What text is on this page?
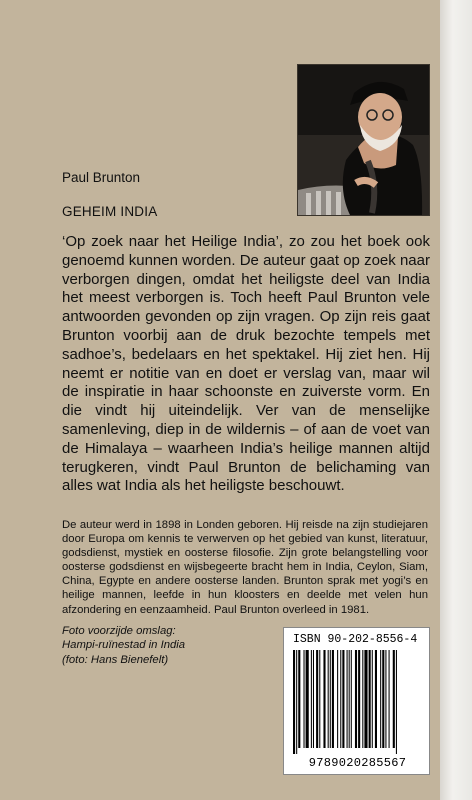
Paul Brunton
GEHEIM INDIA

‘Op zoek naar het Heilige India’, zo zou het boek ook genoemd kunnen worden. De auteur gaat op zoek naar verborgen dingen, omdat het heiligste deel van India het meest verborgen is. Toch heeft Paul Brunton vele antwoorden gevonden op zijn vragen. Op zijn reis gaat Brunton voorbij aan de druk bezochte tempels met sadhoe’s, bedelaars en het spektakel. Hij ziet hen. Hij neemt er notitie van en doet er verslag van, maar wil de inspiratie in haar schoonste en zuiverste vorm. En die vindt hij uiteindelijk. Ver van de menselijke samenleving, diep in de wildernis – of aan de voet van de Himalaya – waarheen India’s heilige mannen altijd terugkeren, vindt Paul Brunton de belichaming van alles wat India als het heiligste beschouwt.

De auteur werd in 1898 in Londen geboren. Hij reisde na zijn studiejaren door Europa om kennis te verwerven op het gebied van kunst, literatuur, godsdienst, mystiek en oosterse filosofie. Zijn grote belangstelling voor oosterse godsdienst en wijsbegeerte bracht hem in India, Ceylon, Siam, China, Egypte en andere oosterse landen. Brunton sprak met yogi’s en heilige mannen, leefde in hun kloosters en deelde met velen hun afzondering en eenzaamheid. Paul Brunton overleed in 1981.

Foto voorzijde omslag:
Hampi-ruïnestad in India
(foto: Hans Bienefelt)
ISBN 90-202-8556-4
9789020285567
